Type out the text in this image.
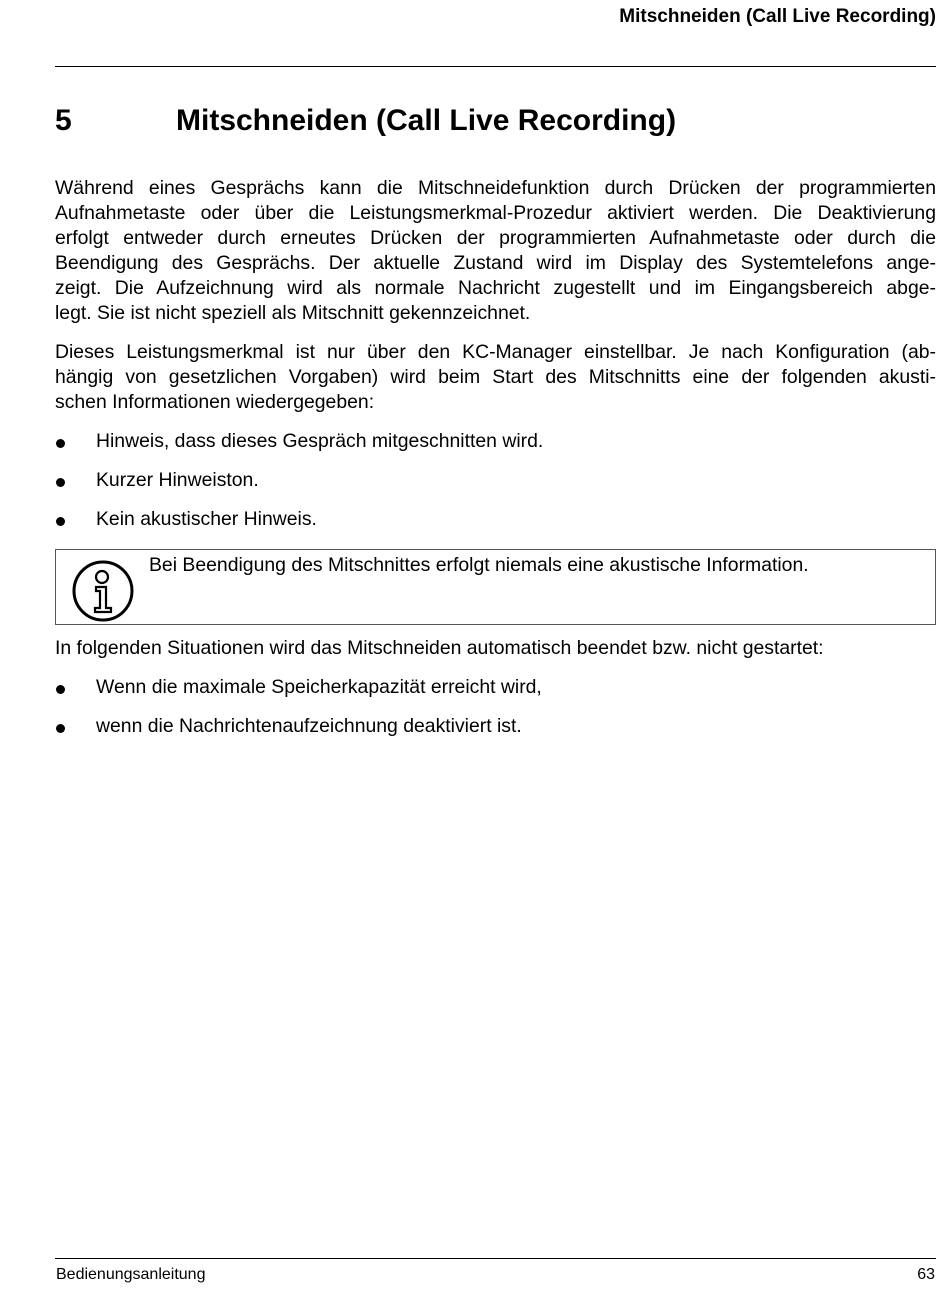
Mitschneiden (Call Live Recording)
5	Mitschneiden (Call Live Recording)

Während eines Gesprächs kann die Mitschneidefunktion durch Drücken der programmierten
Aufnahmetaste oder über die Leistungsmerkmal-Prozedur aktiviert werden. Die Deaktivierung
erfolgt entweder durch erneutes Drücken der programmierten Aufnahmetaste oder durch die
Beendigung des Gesprächs. Der aktuelle Zustand wird im Display des Systemtelefons ange-
zeigt. Die Aufzeichnung wird als normale Nachricht zugestellt und im Eingangsbereich abge-
legt. Sie ist nicht speziell als Mitschnitt gekennzeichnet.

Dieses Leistungsmerkmal ist nur über den KC-Manager einstellbar. Je nach Konfiguration (ab-
hängig von gesetzlichen Vorgaben) wird beim Start des Mitschnitts eine der folgenden akusti-
schen Informationen wiedergegeben:

Hinweis, dass dieses Gespräch mitgeschnitten wird.
Kurzer Hinweiston.
Kein akustischer Hinweis.
Bei Beendigung des Mitschnittes erfolgt niemals eine akustische Information.

In folgenden Situationen wird das Mitschneiden automatisch beendet bzw. nicht gestartet:

Wenn die maximale Speicherkapazität erreicht wird,
wenn die Nachrichtenaufzeichnung deaktiviert ist.
Bedienungsanleitung	63
